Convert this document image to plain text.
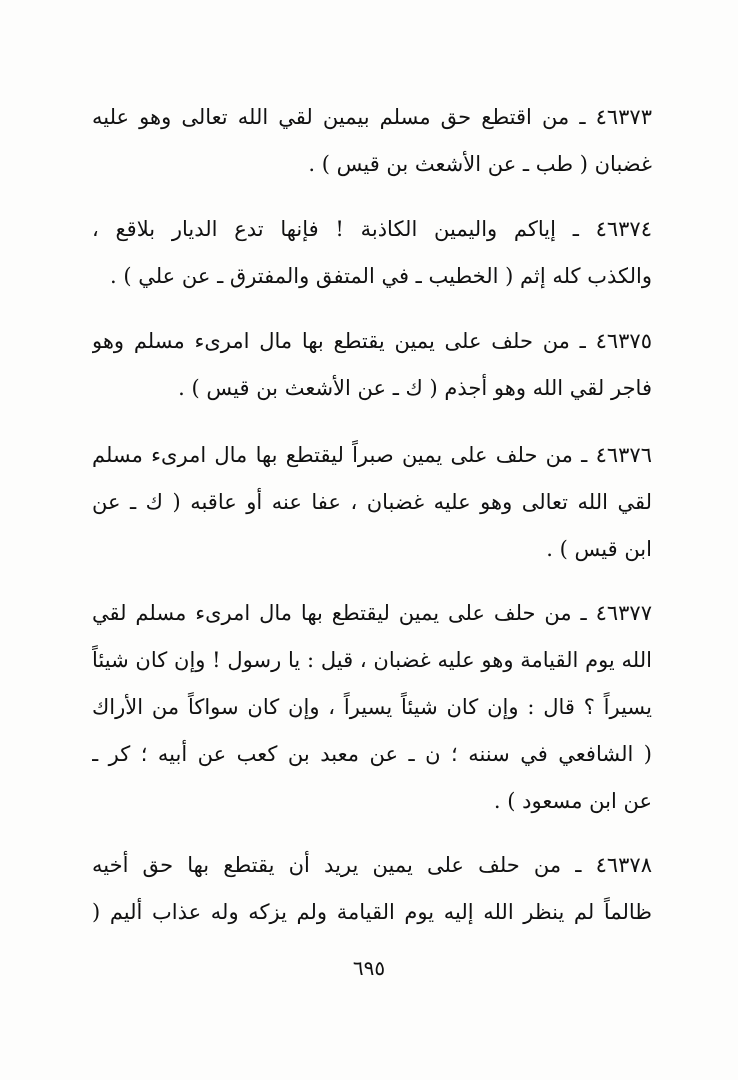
٤٦٣٧٣ ـ من اقتطع حق مسلم بيمين لقي الله تعالى وهو عليه
غضبان ( طب ـ عن الأشعث بن قيس ) .
٤٦٣٧٤ ـ إياكم واليمين الكاذبة ! فإنها تدع الديار بلاقع ،
والكذب كله إثم ( الخطيب ـ في المتفق والمفترق ـ عن علي ) .
٤٦٣٧٥ ـ من حلف على يمين يقتطع بها مال امرىء مسلم وهو
فاجر لقي الله وهو أجذم ( ك ـ عن الأشعث بن قيس ) .
٤٦٣٧٦ ـ من حلف على يمين صبراً ليقتطع بها مال امرىء مسلم
لقي الله تعالى وهو عليه غضبان ، عفا عنه أو عاقبه ( ك ـ عن
ابن قيس ) .
٤٦٣٧٧ ـ من حلف على يمين ليقتطع بها مال امرىء مسلم لقي
الله يوم القيامة وهو عليه غضبان ، قيل : يا رسول ! وإن كان شيئاً
يسيراً ؟ قال : وإن كان شيئاً يسيراً ، وإن كان سواكاً من الأراك
( الشافعي في سننه ؛ ن ـ عن معبد بن كعب عن أبيه ؛ كر ـ
عن ابن مسعود ) .
٤٦٣٧٨ ـ من حلف على يمين يريد أن يقتطع بها حق أخيه
ظالماً لم ينظر الله إليه يوم القيامة ولم يزكه وله عذاب أليم (
٦٩٥
